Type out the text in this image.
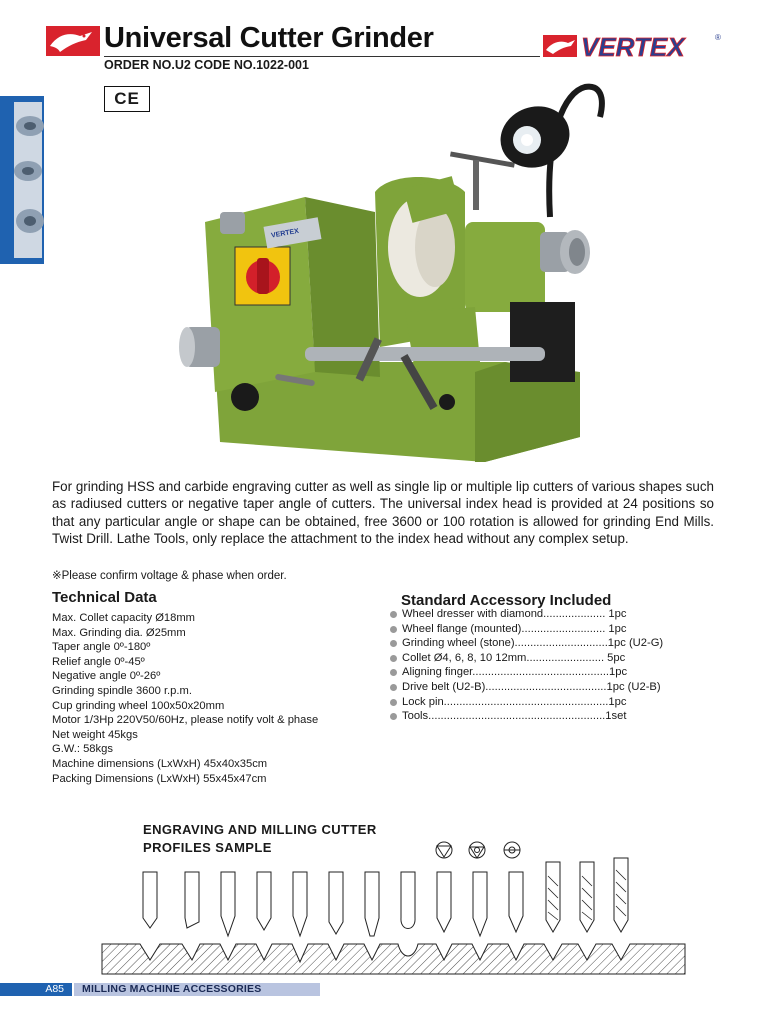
Universal Cutter Grinder
ORDER NO.U2 CODE NO.1022-001
CE
VERTEX	®
VERTEX
For grinding HSS and carbide engraving cutter as well as single lip or multiple lip cutters of various shapes such as radiused cutters or negative taper angle of cutters. The universal index head is provided at 24 positions so that any particular angle or shape can be obtained, free 3600 or 100 rotation is allowed for grinding End Mills. Twist Drill. Lathe Tools, only replace the attachment to the index head without any complex setup.
※Please confirm voltage & phase when order.
Technical Data
Max. Collet capacity Ø18mm
Max. Grinding dia. Ø25mm
Taper angle 0º-180º
Relief angle 0º-45º
Negative angle 0º-26º
Grinding spindle 3600 r.p.m.
Cup grinding wheel 100x50x20mm
Motor 1/3Hp 220V50/60Hz, please notify volt & phase
Net weight 45kgs
G.W.: 58kgs
Machine dimensions (LxWxH) 45x40x35cm
Packing Dimensions (LxWxH) 55x45x47cm
Standard Accessory Included
Wheel dresser with diamond.................... 1pc
Wheel flange (mounted)........................... 1pc
Grinding wheel (stone)..............................1pc (U2-G)
Collet Ø4, 6, 8, 10 12mm......................... 5pc
Aligning finger............................................1pc
Drive belt (U2-B).......................................1pc (U2-B)
Lock pin.....................................................1pc
Tools.........................................................1set
ENGRAVING AND MILLING CUTTER
PROFILES SAMPLE
A85 MILLING MACHINE ACCESSORIES
